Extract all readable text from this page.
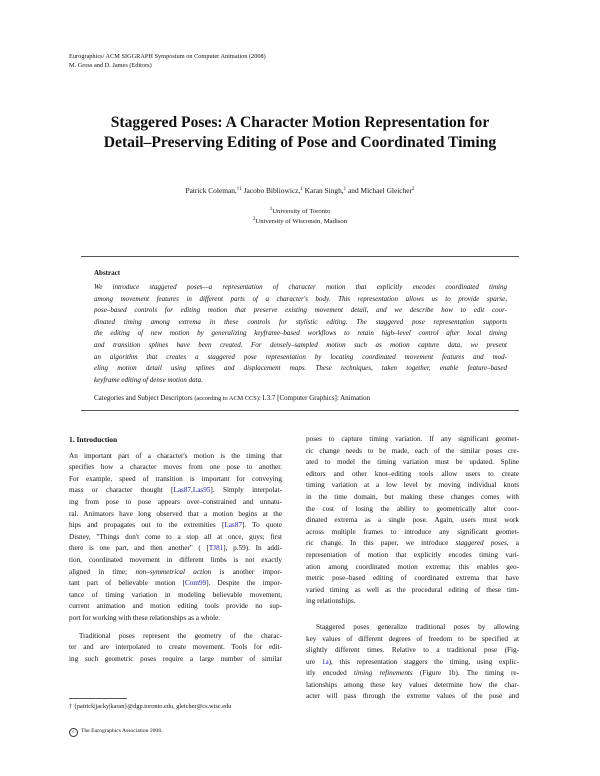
Eurographics/ ACM SIGGRAPH Symposium on Computer Animation (2008)
M. Gross and D. James (Editors)
Staggered Poses: A Character Motion Representation for
Detail–Preserving Editing of Pose and Coordinated Timing
Patrick Coleman,$^{\dagger 1}$ Jacobo Bibliowicz,$^1$ Karan Singh,$^1$ and Michael Gleicher$^2$
$^1$University of Toronto
$^2$University of Wisconsin, Madison
Abstract
We introduce staggered poses—a representation of character motion that explicitly encodes coordinated timing
among movement features in different parts of a character's body. This representation allows us to provide sparse,
pose–based controls for editing motion that preserve existing movement detail, and we describe how to edit coor-
dinated timing among extrema in these controls for stylistic editing. The staggered pose representation supports
the editing of new motion by generalizing keyframe–based workflows to retain high–level control after local timing
and transition splines have been created. For densely–sampled motion such as motion capture data, we present
an algorithm that creates a staggered pose representation by locating coordinated movement features and mod-
eling motion detail using splines and displacement maps. These techniques, taken together, enable feature–based
keyframe editing of dense motion data.
Categories and Subject Descriptors (according to ACM CCS): I.3.7 [Computer Graphics]: Animation
1. Introduction
An important part of a character's motion is the timing that
specifies how a character moves from one pose to another.
For example, speed of transition is important for conveying
mass or character thought [Las87,Las95]. Simply interpolat-
ing from pose to pose appears over–constrained and unnatu-
ral. Animators have long observed that a motion begins at the
hips and propagates out to the extremities [Las87]. To quote
Disney, "Things don't come to a stop all at once, guys; first
there is one part, and then another" ( [TJ81], p.59). In addi-
tion, coordinated movement in different limbs is not exactly
aligned in time; non–symmetrical action is another impor-
tant part of believable motion [Com99]. Despite the impor-
tance of timing variation in modeling believable movement,
current animation and motion editing tools provide no sup-
port for working with these relationships as a whole.
Traditional poses represent the geometry of the charac-
ter and are interpolated to create movement. Tools for edit-
ing such geometric poses require a large number of similar
† {patrick|jacky|karan}@dgp.toronto.edu, gleicher@cs.wisc.edu
c The Eurographics Association 2008.
poses to capture timing variation. If any significant geomet-
ric change needs to be made, each of the similar poses cre-
ated to model the timing variation must be updated. Spline
editors and other knot–editing tools allow users to create
timing variation at a low level by moving individual knots
in the time domain, but making these changes comes with
the cost of losing the ability to geometrically alter coor-
dinated extrema as a single pose. Again, users must work
across multiple frames to introduce any significant geomet-
ric change. In this paper, we introduce staggered poses, a
representation of motion that explicitly encodes timing vari-
ation among coordinated motion extrema; this enables geo-
metric pose–based editing of coordinated extrema that have
varied timing as well as the procedural editing of these tim-
ing relationships.
Staggered poses generalize traditional poses by allowing
key values of different degrees of freedom to be specified at
slightly different times. Relative to a traditional pose (Fig-
ure 1a), this representation staggers the timing, using explic-
itly encoded timing refinements (Figure 1b). The timing re-
lationships among these key values determine how the char-
acter will pass through the extreme values of the pose and
